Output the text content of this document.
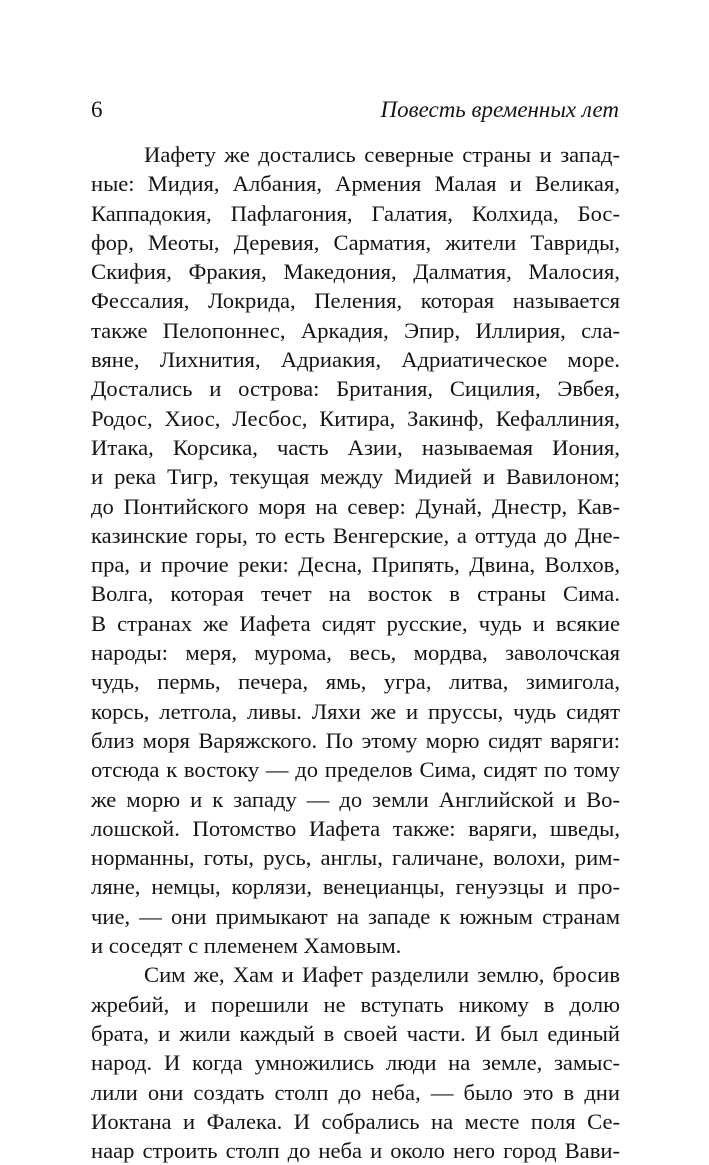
6	Повесть временных лет
Иафету же достались северные страны и запад-
ные: Мидия, Албания, Армения Малая и Великая,
Каппадокия, Пафлагония, Галатия, Колхида, Бос-
фор, Меоты, Деревия, Сарматия, жители Тавриды,
Скифия, Фракия, Македония, Далматия, Малосия,
Фессалия, Локрида, Пеления, которая называется
также Пелопоннес, Аркадия, Эпир, Иллирия, сла-
вяне, Лихнития, Адриакия, Адриатическое море.
Достались и острова: Британия, Сицилия, Эвбея,
Родос, Хиос, Лесбос, Китира, Закинф, Кефаллиния,
Итака, Корсика, часть Азии, называемая Иония,
и река Тигр, текущая между Мидией и Вавилоном;
до Понтийского моря на север: Дунай, Днестр, Кав-
казинские горы, то есть Венгерские, а оттуда до Дне-
пра, и прочие реки: Десна, Припять, Двина, Волхов,
Волга, которая течет на восток в страны Сима.
В странах же Иафета сидят русские, чудь и всякие
народы: меря, мурома, весь, мордва, заволочская
чудь, пермь, печера, ямь, угра, литва, зимигола,
корсь, летгола, ливы. Ляхи же и пруссы, чудь сидят
близ моря Варяжского. По этому морю сидят варяги:
отсюда к востоку — до пределов Сима, сидят по тому
же морю и к западу — до земли Английской и Во-
лошской. Потомство Иафета также: варяги, шведы,
норманны, готы, русь, англы, галичане, волохи, рим-
ляне, немцы, корлязи, венецианцы, генуэзцы и про-
чие, — они примыкают на западе к южным странам
и соседят с племенем Хамовым.
Сим же, Хам и Иафет разделили землю, бросив
жребий, и порешили не вступать никому в долю
брата, и жили каждый в своей части. И был единый
народ. И когда умножились люди на земле, замыс-
лили они создать столп до неба, — было это в дни
Иоктана и Фалека. И собрались на месте поля Се-
наар строить столп до неба и около него город Вави-
